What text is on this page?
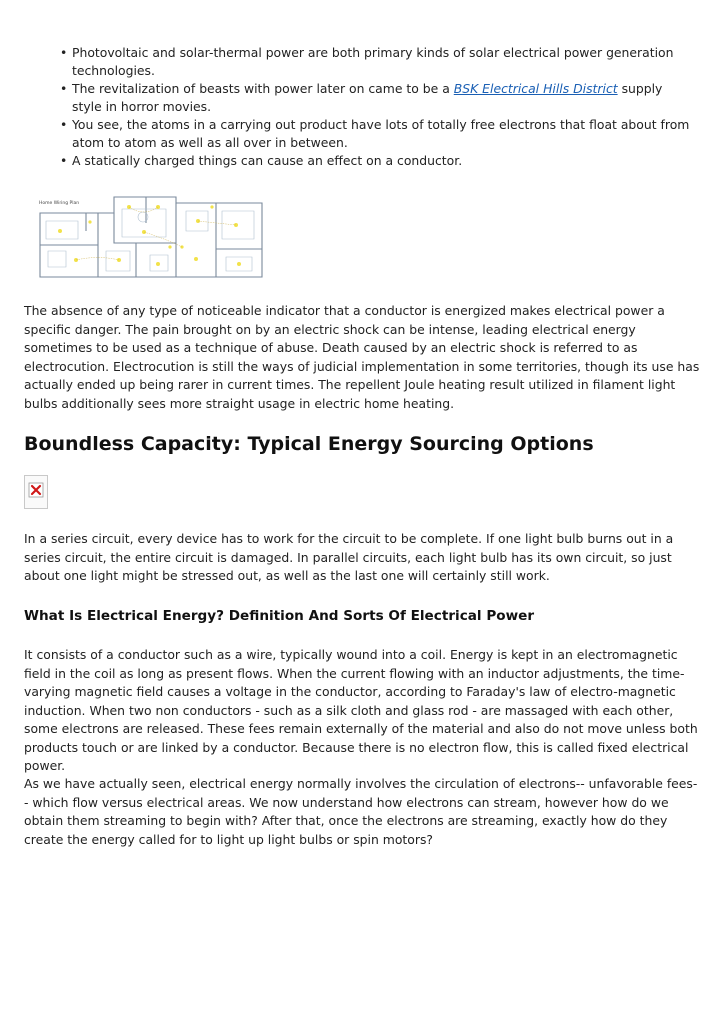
• Photovoltaic and solar-thermal power are both primary kinds of solar electrical power generation technologies.
• The revitalization of beasts with power later on came to be a BSK Electrical Hills District supply style in horror movies.
• You see, the atoms in a carrying out product have lots of totally free electrons that float about from atom to atom as well as all over in between.
• A statically charged things can cause an effect on a conductor.
Home Wiring Plan

The absence of any type of noticeable indicator that a conductor is energized makes electrical power a specific danger. The pain brought on by an electric shock can be intense, leading electrical energy sometimes to be used as a technique of abuse. Death caused by an electric shock is referred to as electrocution. Electrocution is still the ways of judicial implementation in some territories, though its use has actually ended up being rarer in current times. The repellent Joule heating result utilized in filament light bulbs additionally sees more straight usage in electric home heating.

Boundless Capacity: Typical Energy Sourcing Options

In a series circuit, every device has to work for the circuit to be complete. If one light bulb burns out in a series circuit, the entire circuit is damaged. In parallel circuits, each light bulb has its own circuit, so just about one light might be stressed out, as well as the last one will certainly still work.

What Is Electrical Energy? Definition And Sorts Of Electrical Power

It consists of a conductor such as a wire, typically wound into a coil. Energy is kept in an electromagnetic field in the coil as long as present flows. When the current flowing with an inductor adjustments, the time-varying magnetic field causes a voltage in the conductor, according to Faraday's law of electro-magnetic induction. When two non conductors - such as a silk cloth and glass rod - are massaged with each other, some electrons are released. These fees remain externally of the material and also do not move unless both products touch or are linked by a conductor. Because there is no electron flow, this is called fixed electrical power.

As we have actually seen, electrical energy normally involves the circulation of electrons-- unfavorable fees-- which flow versus electrical areas. We now understand how electrons can stream, however how do we obtain them streaming to begin with? After that, once the electrons are streaming, exactly how do they create the energy called for to light up light bulbs or spin motors?
